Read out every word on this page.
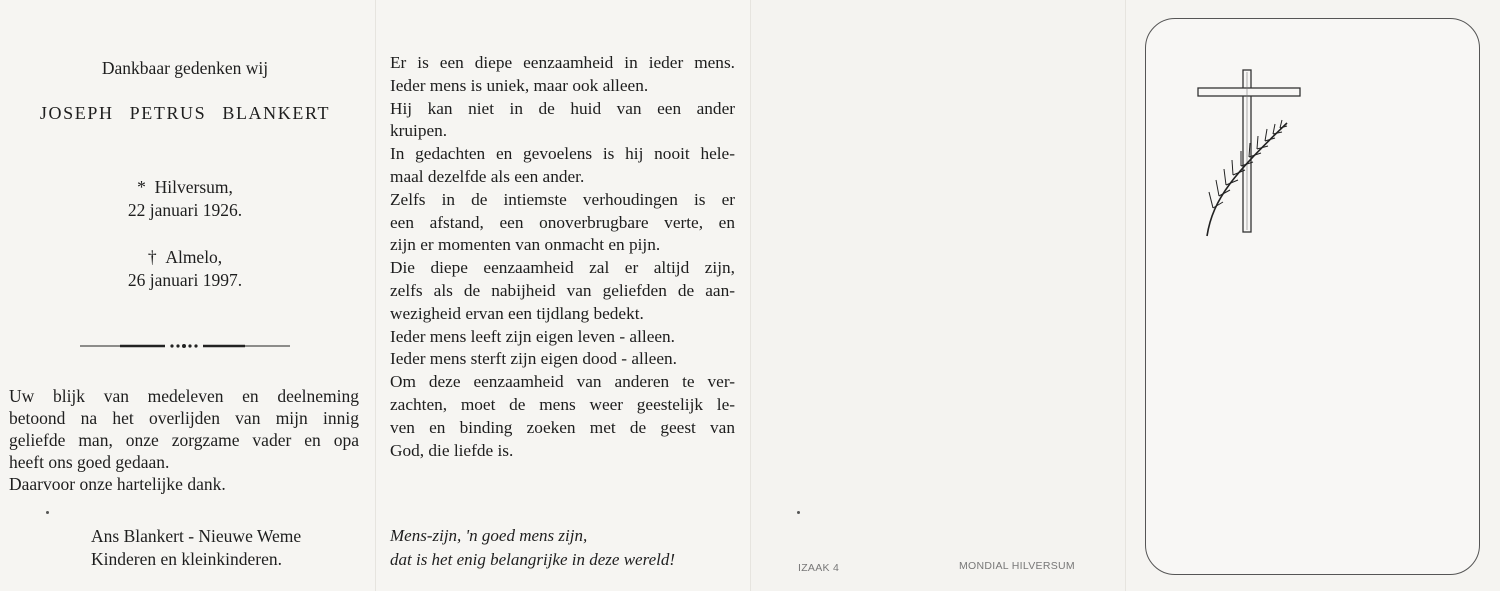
Dankbaar gedenken wij
JOSEPH PETRUS BLANKERT
* Hilversum,
22 januari 1926.
† Almelo,
26 januari 1997.
Uw blijk van medeleven en deelneming
betoond na het overlijden van mijn innig
geliefde man, onze zorgzame vader en opa
heeft ons goed gedaan.
Daarvoor onze hartelijke dank.
Ans Blankert - Nieuwe Weme
Kinderen en kleinkinderen.
Er is een diepe eenzaamheid in ieder mens.
Ieder mens is uniek, maar ook alleen.
Hij kan niet in de huid van een ander
kruipen.
In gedachten en gevoelens is hij nooit hele-
maal dezelfde als een ander.
Zelfs in de intiemste verhoudingen is er
een afstand, een onoverbrugbare verte, en
zijn er momenten van onmacht en pijn.
Die diepe eenzaamheid zal er altijd zijn,
zelfs als de nabijheid van geliefden de aan-
wezigheid ervan een tijdlang bedekt.
Ieder mens leeft zijn eigen leven - alleen.
Ieder mens sterft zijn eigen dood - alleen.
Om deze eenzaamheid van anderen te ver-
zachten, moet de mens weer geestelijk le-
ven en binding zoeken met de geest van
God, die liefde is.
Mens-zijn, 'n goed mens zijn,
dat is het enig belangrijke in deze wereld!	IZAAK 4	MONDIAL HILVERSUM
